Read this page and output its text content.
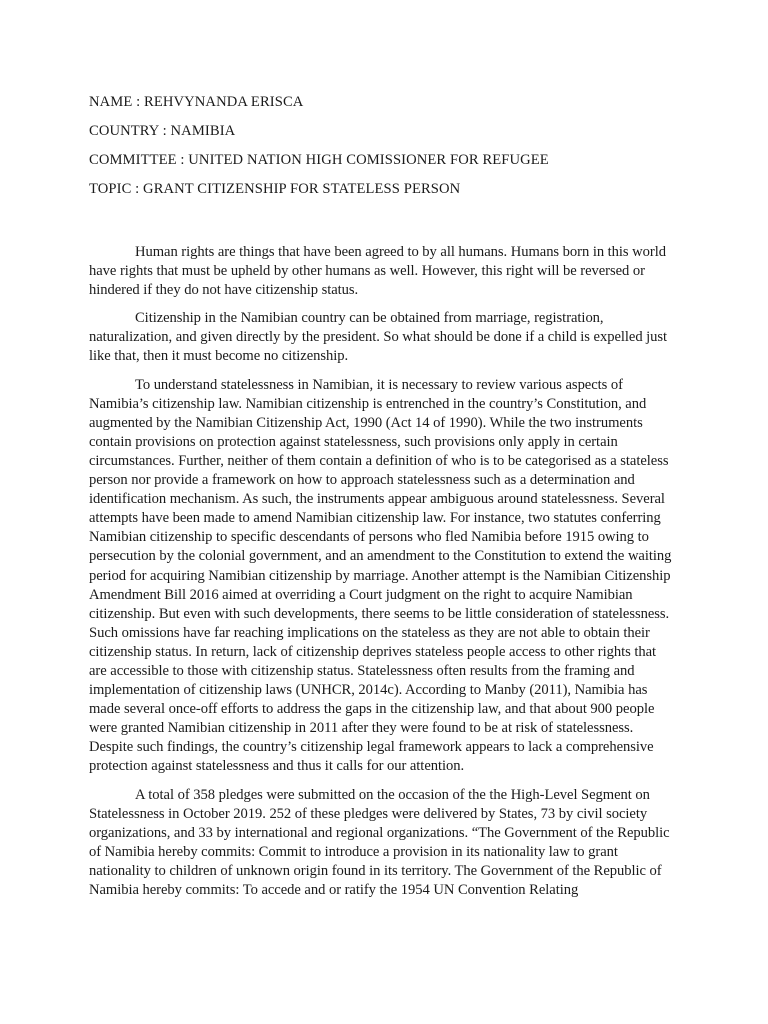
NAME : REHVYNANDA ERISCA
COUNTRY : NAMIBIA
COMMITTEE : UNITED NATION HIGH COMISSIONER FOR REFUGEE
TOPIC : GRANT CITIZENSHIP FOR STATELESS PERSON

Human rights are things that have been agreed to by all humans. Humans born in this world have rights that must be upheld by other humans as well. However, this right will be reversed or hindered if they do not have citizenship status.

Citizenship in the Namibian country can be obtained from marriage, registration, naturalization, and given directly by the president. So what should be done if a child is expelled just like that, then it must become no citizenship.

To understand statelessness in Namibian, it is necessary to review various aspects of Namibia’s citizenship law. Namibian citizenship is entrenched in the country’s Constitution, and augmented by the Namibian Citizenship Act, 1990 (Act 14 of 1990). While the two instruments contain provisions on protection against statelessness, such provisions only apply in certain circumstances. Further, neither of them contain a definition of who is to be categorised as a stateless person nor provide a framework on how to approach statelessness such as a determination and identification mechanism. As such, the instruments appear ambiguous around statelessness. Several attempts have been made to amend Namibian citizenship law. For instance, two statutes conferring Namibian citizenship to specific descendants of persons who fled Namibia before 1915 owing to persecution by the colonial government, and an amendment to the Constitution to extend the waiting period for acquiring Namibian citizenship by marriage. Another attempt is the Namibian Citizenship Amendment Bill 2016 aimed at overriding a Court judgment on the right to acquire Namibian citizenship. But even with such developments, there seems to be little consideration of statelessness. Such omissions have far reaching implications on the stateless as they are not able to obtain their citizenship status. In return, lack of citizenship deprives stateless people access to other rights that are accessible to those with citizenship status. Statelessness often results from the framing and implementation of citizenship laws (UNHCR, 2014c). According to Manby (2011), Namibia has made several once-off efforts to address the gaps in the citizenship law, and that about 900 people were granted Namibian citizenship in 2011 after they were found to be at risk of statelessness. Despite such findings, the country’s citizenship legal framework appears to lack a comprehensive protection against statelessness and thus it calls for our attention.

A total of 358 pledges were submitted on the occasion of the the High-Level Segment on Statelessness in October 2019. 252 of these pledges were delivered by States, 73 by civil society organizations, and 33 by international and regional organizations. “The Government of the Republic of Namibia hereby commits: Commit to introduce a provision in its nationality law to grant nationality to children of unknown origin found in its territory. The Government of the Republic of Namibia hereby commits: To accede and or ratify the 1954 UN Convention Relating
